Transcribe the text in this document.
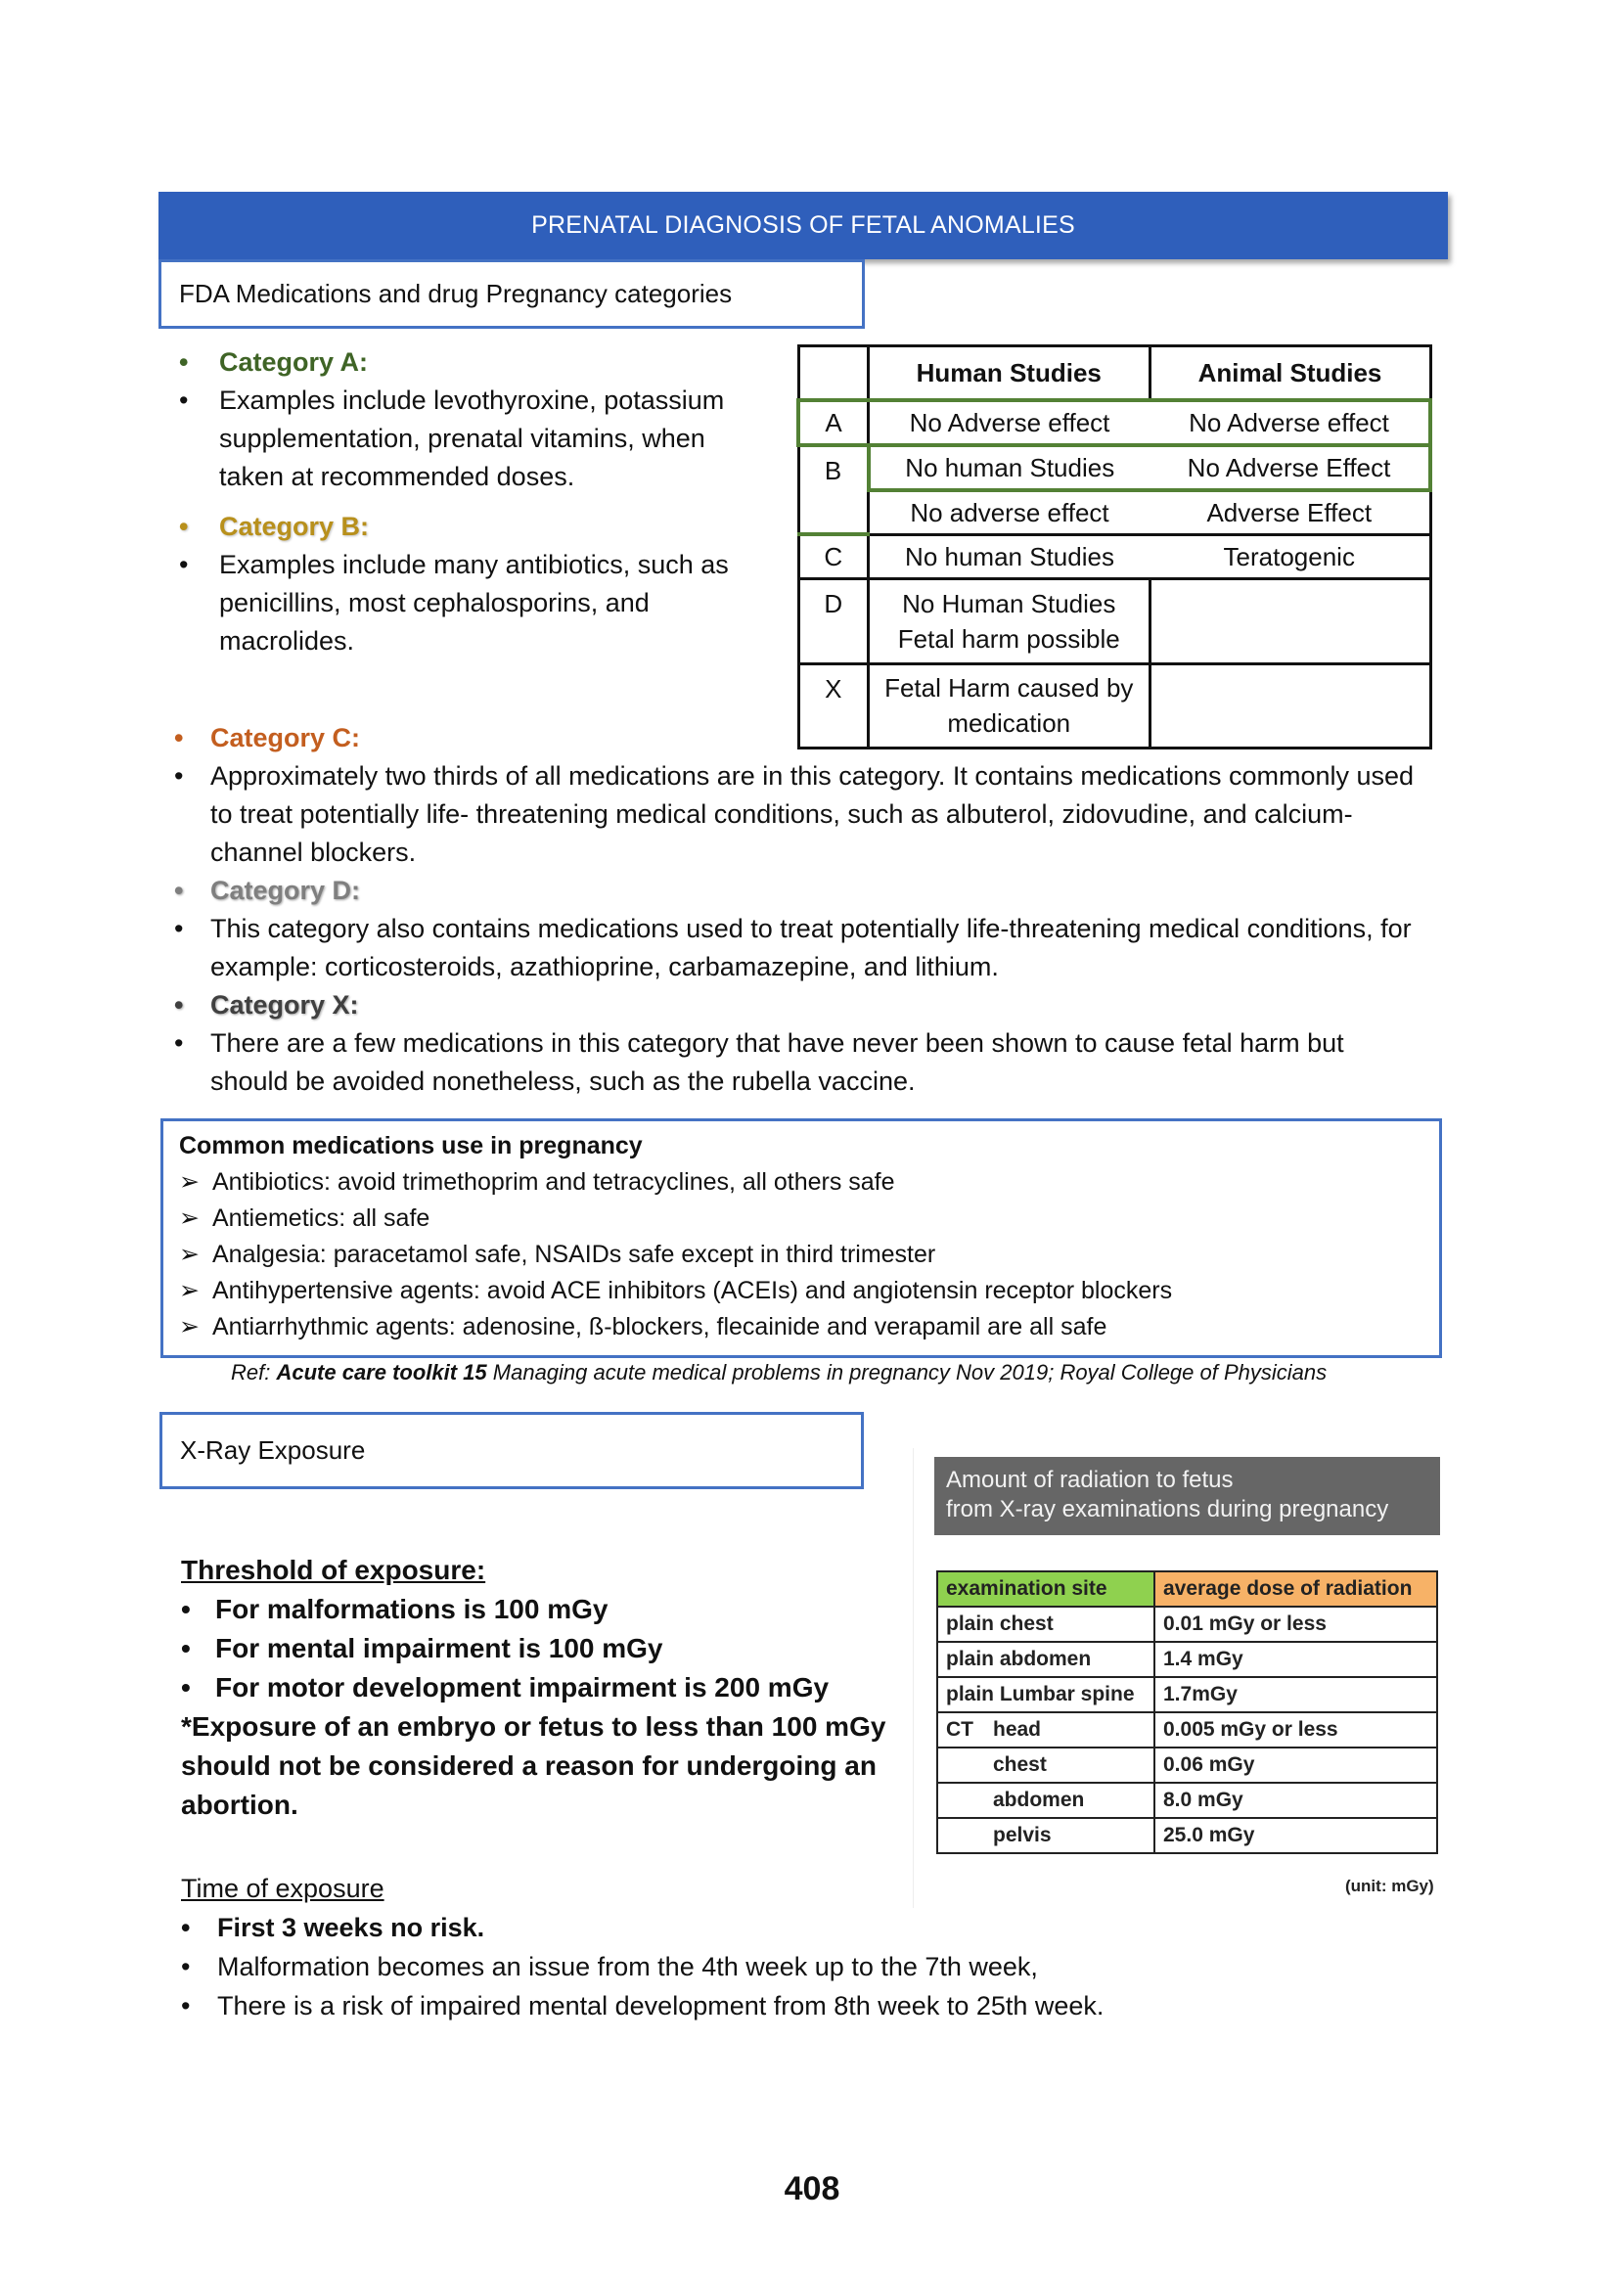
PRENATAL DIAGNOSIS OF FETAL ANOMALIES
FDA Medications and drug Pregnancy categories
• Category A:
• Examples include levothyroxine, potassium supplementation, prenatal vitamins, when taken at recommended doses.
• Category B:
• Examples include many antibiotics, such as penicillins, most cephalosporins, and macrolides.
	Human Studies	Animal Studies
A	No Adverse effect	No Adverse effect
B	No human Studies	No Adverse Effect
	No adverse effect	Adverse Effect
C	No human Studies	Teratogenic
D	No Human Studies
Fetal harm possible	

X	Fetal Harm caused by
medication	

• Category C:
• Approximately two thirds of all medications are in this category. It contains medications commonly used to treat potentially life- threatening medical conditions, such as albuterol, zidovudine, and calcium-channel blockers.
• Category D:
• This category also contains medications used to treat potentially life-threatening medical conditions, for example: corticosteroids, azathioprine, carbamazepine, and lithium.
• Category X:
• There are a few medications in this category that have never been shown to cause fetal harm but should be avoided nonetheless, such as the rubella vaccine.
Common medications use in pregnancy
➢ Antibiotics: avoid trimethoprim and tetracyclines, all others safe
➢ Antiemetics: all safe
➢ Analgesia: paracetamol safe, NSAIDs safe except in third trimester
➢ Antihypertensive agents: avoid ACE inhibitors (ACEIs) and angiotensin receptor blockers
➢ Antiarrhythmic agents: adenosine, ß-blockers, flecainide and verapamil are all safe
Ref: Acute care toolkit 15 Managing acute medical problems in pregnancy Nov 2019; Royal College of Physicians
X-Ray Exposure
Threshold of exposure:
• For malformations is 100 mGy
• For mental impairment is 100 mGy
• For motor development impairment is 200 mGy
*Exposure of an embryo or fetus to less than 100 mGy should not be considered a reason for undergoing an abortion.
Time of exposure
• First 3 weeks no risk.
• Malformation becomes an issue from the 4th week up to the 7th week,
• There is a risk of impaired mental development from 8th week to 25th week.
Amount of radiation to fetus
from X-ray examinations during pregnancy
examination site	average dose of radiation
plain chest	0.01 mGy or less
plain abdomen	1.4 mGy
plain Lumbar spine	1.7mGy
CT head	0.005 mGy or less
chest	0.06 mGy
abdomen	8.0 mGy
pelvis	25.0 mGy
(unit: mGy)
408
